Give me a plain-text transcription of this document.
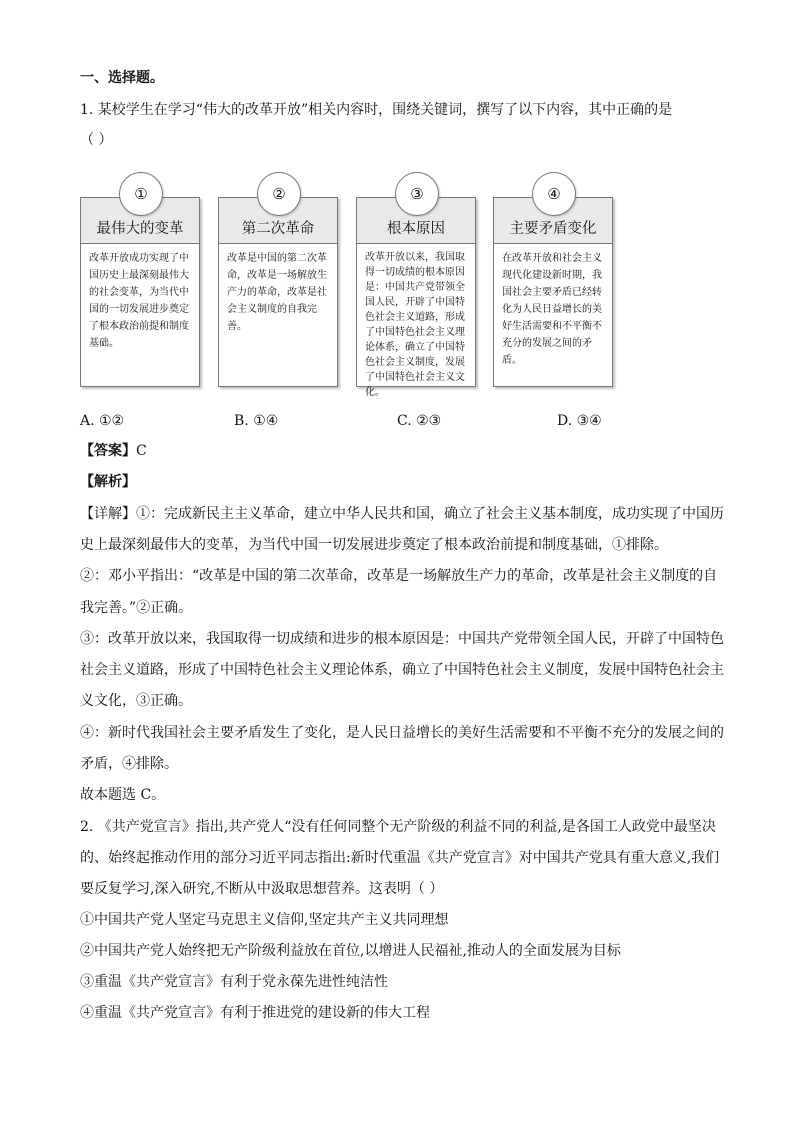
一、选择题。
1. 某校学生在学习“伟大的改革开放”相关内容时，围绕关键词，撰写了以下内容，其中正确的是
（ ）
①
最伟大的变革
改革开放成功实现了中国历史上最深刻最伟大的社会变革，为当代中国的一切发展进步奠定了根本政治前提和制度基础。
②
第二次革命
改革是中国的第二次革命，改革是一场解放生产力的革命，改革是社会主义制度的自我完善。
③
根本原因
改革开放以来，我国取得一切成绩的根本原因是：中国共产党带领全国人民，开辟了中国特色社会主义道路，形成了中国特色社会主义理论体系，确立了中国特色社会主义制度，发展了中国特色社会主义文化。
④
主要矛盾变化
在改革开放和社会主义现代化建设新时期，我国社会主要矛盾已经转化为人民日益增长的美好生活需要和不平衡不充分的发展之间的矛盾。
A. ①②	B. ①④	C. ②③	D. ③④
【答案】C
【解析】
【详解】①：完成新民主主义革命，建立中华人民共和国，确立了社会主义基本制度，成功实现了中国历
史上最深刻最伟大的变革，为当代中国一切发展进步奠定了根本政治前提和制度基础，①排除。
②：邓小平指出：“改革是中国的第二次革命，改革是一场解放生产力的革命，改革是社会主义制度的自
我完善。”②正确。
③：改革开放以来，我国取得一切成绩和进步的根本原因是：中国共产党带领全国人民，开辟了中国特色
社会主义道路，形成了中国特色社会主义理论体系，确立了中国特色社会主义制度，发展中国特色社会主
义文化，③正确。
④：新时代我国社会主要矛盾发生了变化，是人民日益增长的美好生活需要和不平衡不充分的发展之间的
矛盾，④排除。
故本题选 C。
2. 《共产党宣言》指出,共产党人“没有任何同整个无产阶级的利益不同的利益,是各国工人政党中最坚决
的、始终起推动作用的部分习近平同志指出:新时代重温《共产党宣言》对中国共产党具有重大意义,我们
要反复学习,深入研究,不断从中汲取思想营养。这表明（ ）
①中国共产党人坚定马克思主义信仰,坚定共产主义共同理想
②中国共产党人始终把无产阶级利益放在首位,以增进人民福祉,推动人的全面发展为目标
③重温《共产党宣言》有利于党永葆先进性纯洁性
④重温《共产党宣言》有利于推进党的建设新的伟大工程
